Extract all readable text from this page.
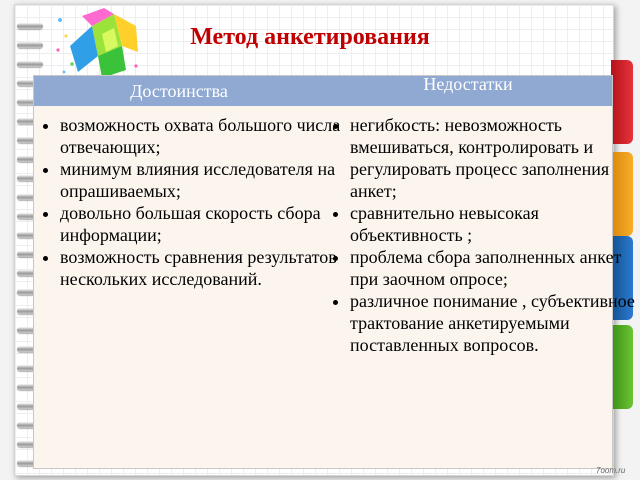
Метод анкетирования
Достоинства	Недостатки
• возможность охвата большого числа отвечающих;
• минимум влияния исследователя на опрашиваемых;
• довольно большая скорость сбора информации;
• возможность сравнения результатов нескольких исследований.
• негибкость: невозможность вмешиваться, контролировать и регулировать процесс заполнения анкет;
• сравнительно невысокая объективность ;
• проблема сбора заполненных анкет при заочном опросе;
• различное понимание , субъективное трактование анкетируемыми поставленных вопросов.
7oom.ru
